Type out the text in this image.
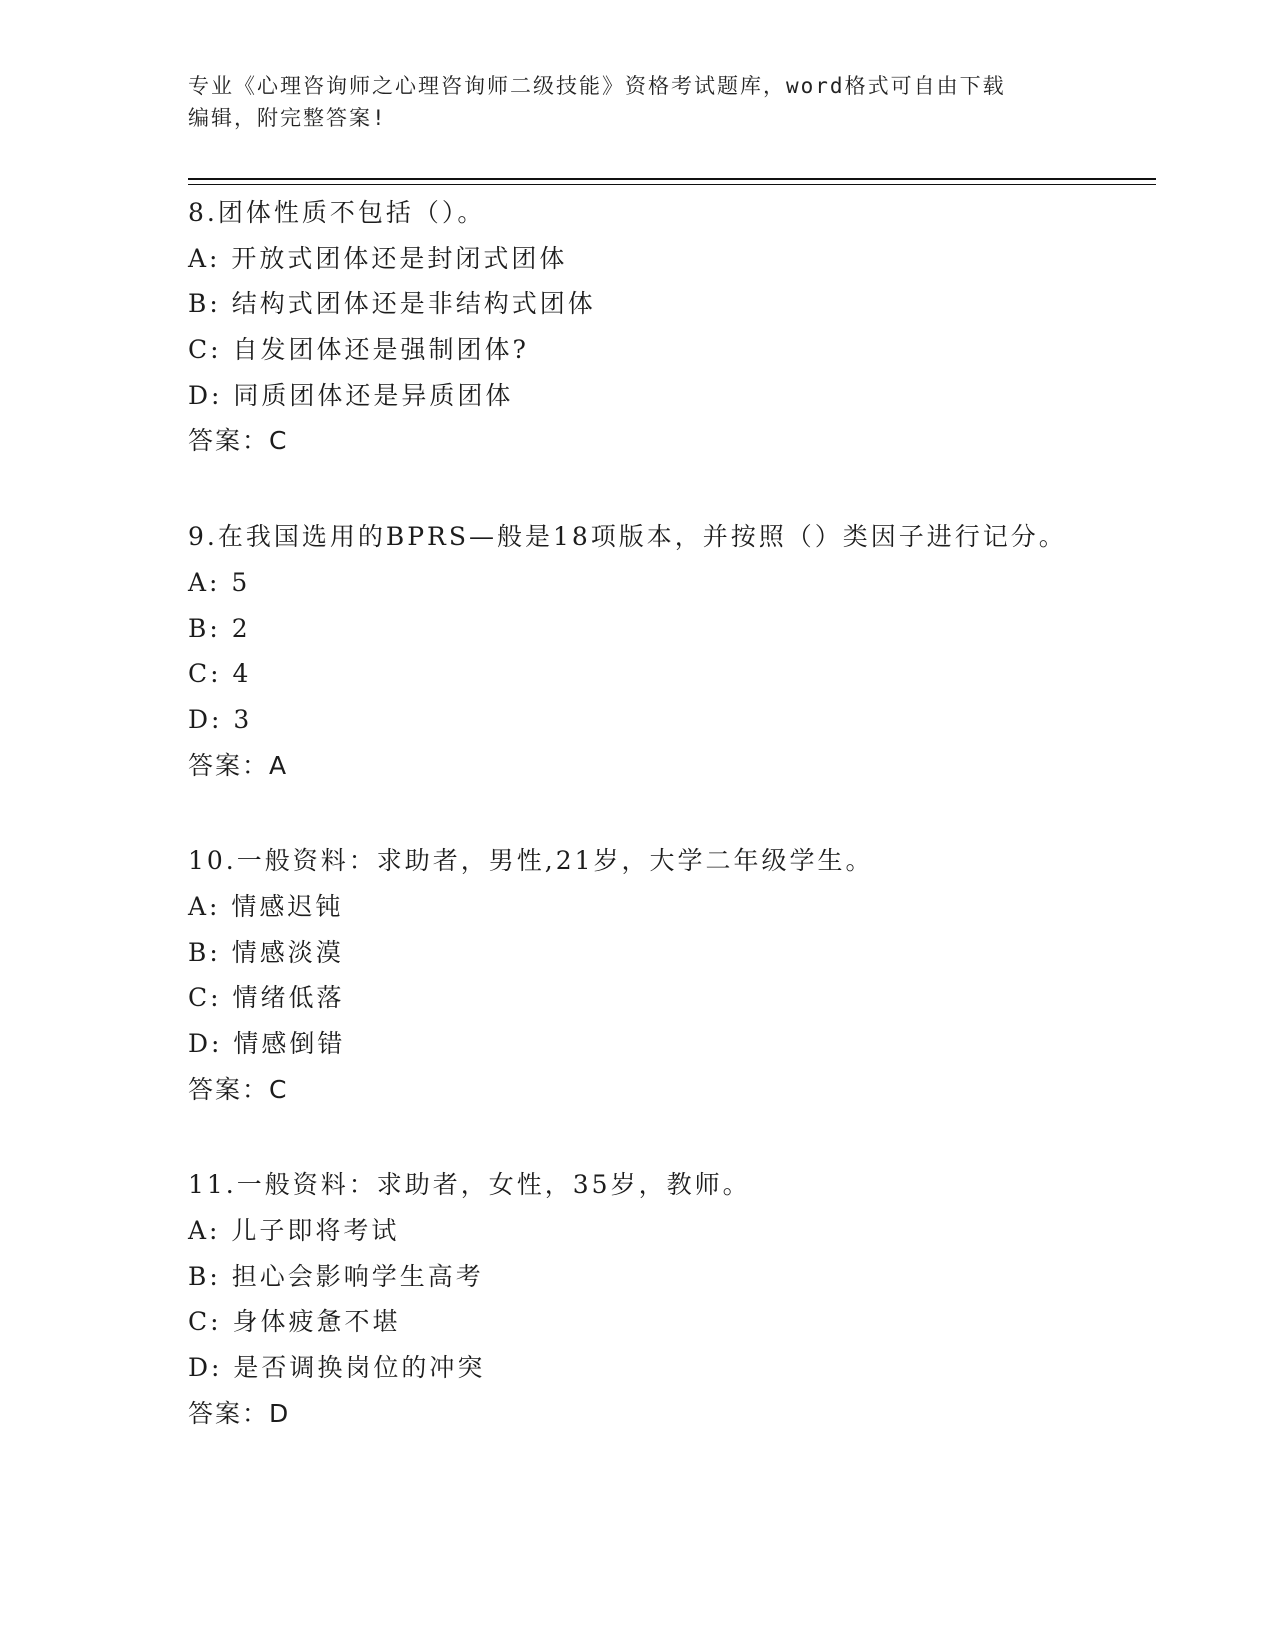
专业《心理咨询师之心理咨询师二级技能》资格考试题库，word格式可自由下载
编辑，附完整答案!
8.团体性质不包括（）。
A: 开放式团体还是封闭式团体
B: 结构式团体还是非结构式团体
C: 自发团体还是强制团体?
D: 同质团体还是异质团体
答案：C
9.在我国选用的BPRS—般是18项版本，并按照（）类因子进行记分。
A: 5
B: 2
C: 4
D: 3
答案：A
10.一般资料：求助者，男性,21岁，大学二年级学生。
A: 情感迟钝
B: 情感淡漠
C: 情绪低落
D: 情感倒错
答案：C
11.一般资料：求助者，女性，35岁，教师。
A: 儿子即将考试
B: 担心会影响学生高考
C: 身体疲惫不堪
D: 是否调换岗位的冲突
答案：D
